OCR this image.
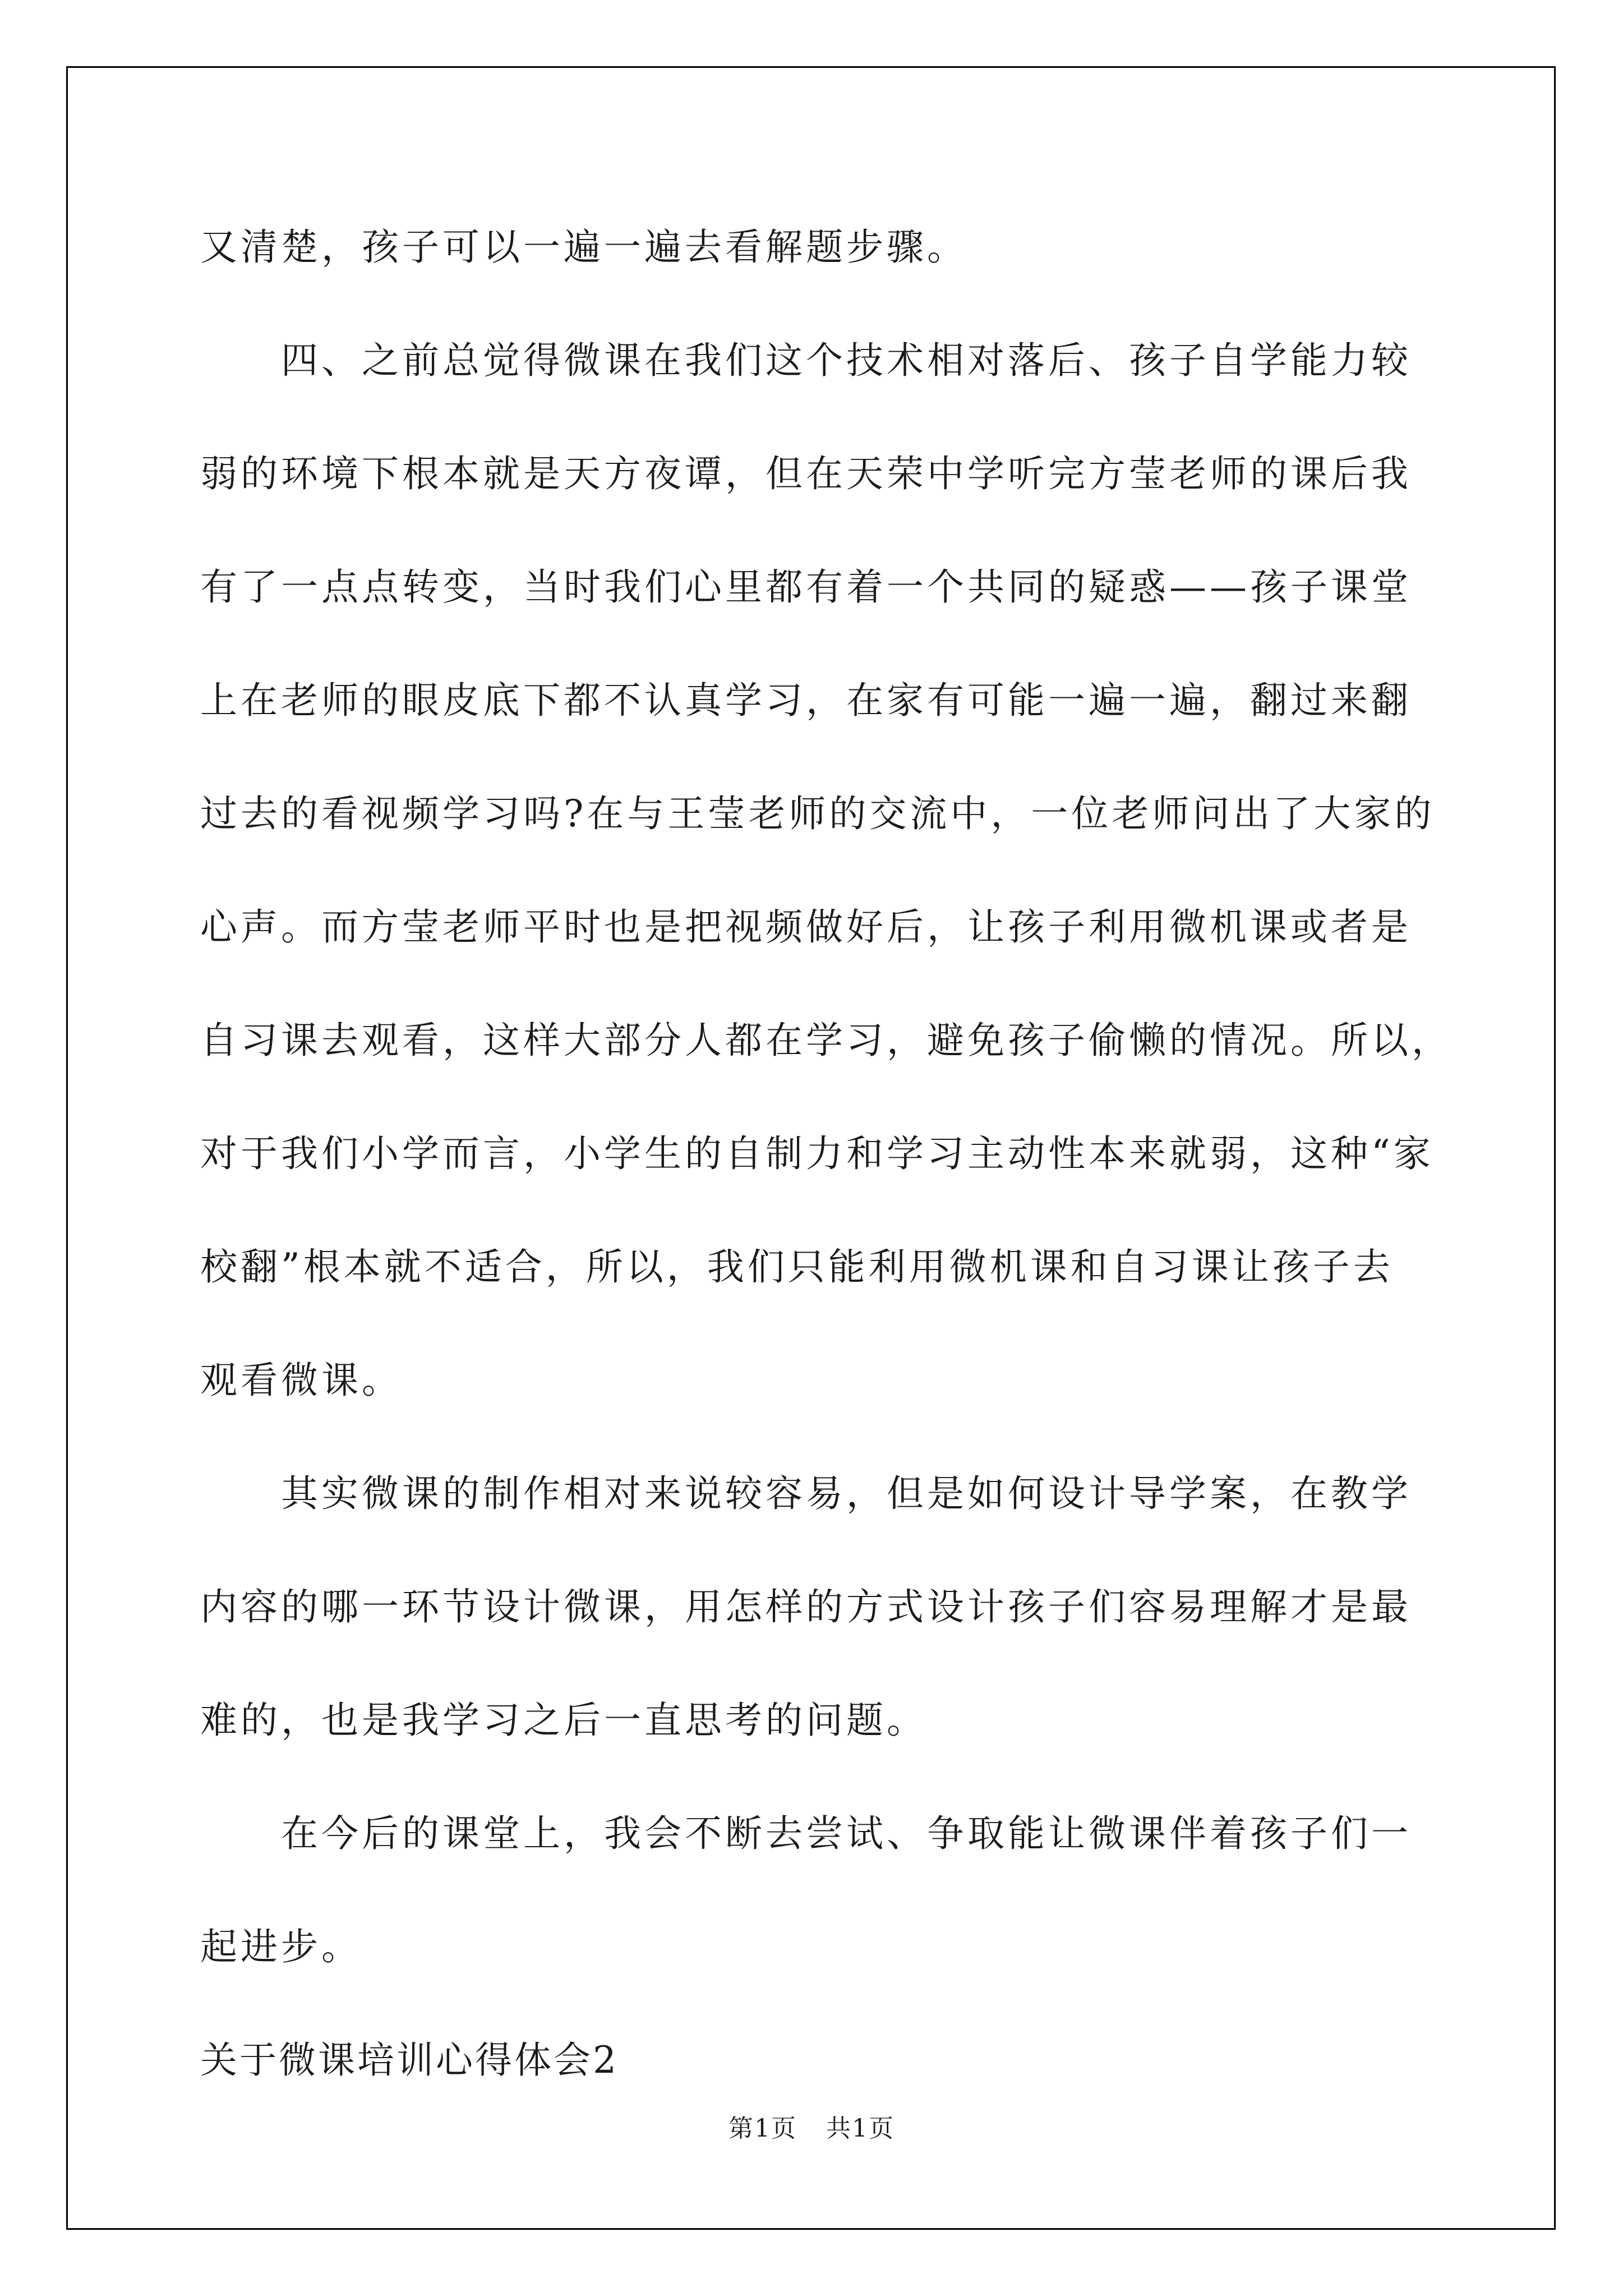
又清楚，孩子可以一遍一遍去看解题步骤。
　　四、之前总觉得微课在我们这个技术相对落后、孩子自学能力较
弱的环境下根本就是天方夜谭，但在天荣中学听完方莹老师的课后我
有了一点点转变，当时我们心里都有着一个共同的疑惑——孩子课堂
上在老师的眼皮底下都不认真学习，在家有可能一遍一遍，翻过来翻
过去的看视频学习吗?在与王莹老师的交流中，一位老师问出了大家的
心声。而方莹老师平时也是把视频做好后，让孩子利用微机课或者是
自习课去观看，这样大部分人都在学习，避免孩子偷懒的情况。所以，
对于我们小学而言，小学生的自制力和学习主动性本来就弱，这种“家
校翻”根本就不适合，所以，我们只能利用微机课和自习课让孩子去
观看微课。
　　其实微课的制作相对来说较容易，但是如何设计导学案，在教学
内容的哪一环节设计微课，用怎样的方式设计孩子们容易理解才是最
难的，也是我学习之后一直思考的问题。
　　在今后的课堂上，我会不断去尝试、争取能让微课伴着孩子们一
起进步。
关于微课培训心得体会2
第1页 共1页
